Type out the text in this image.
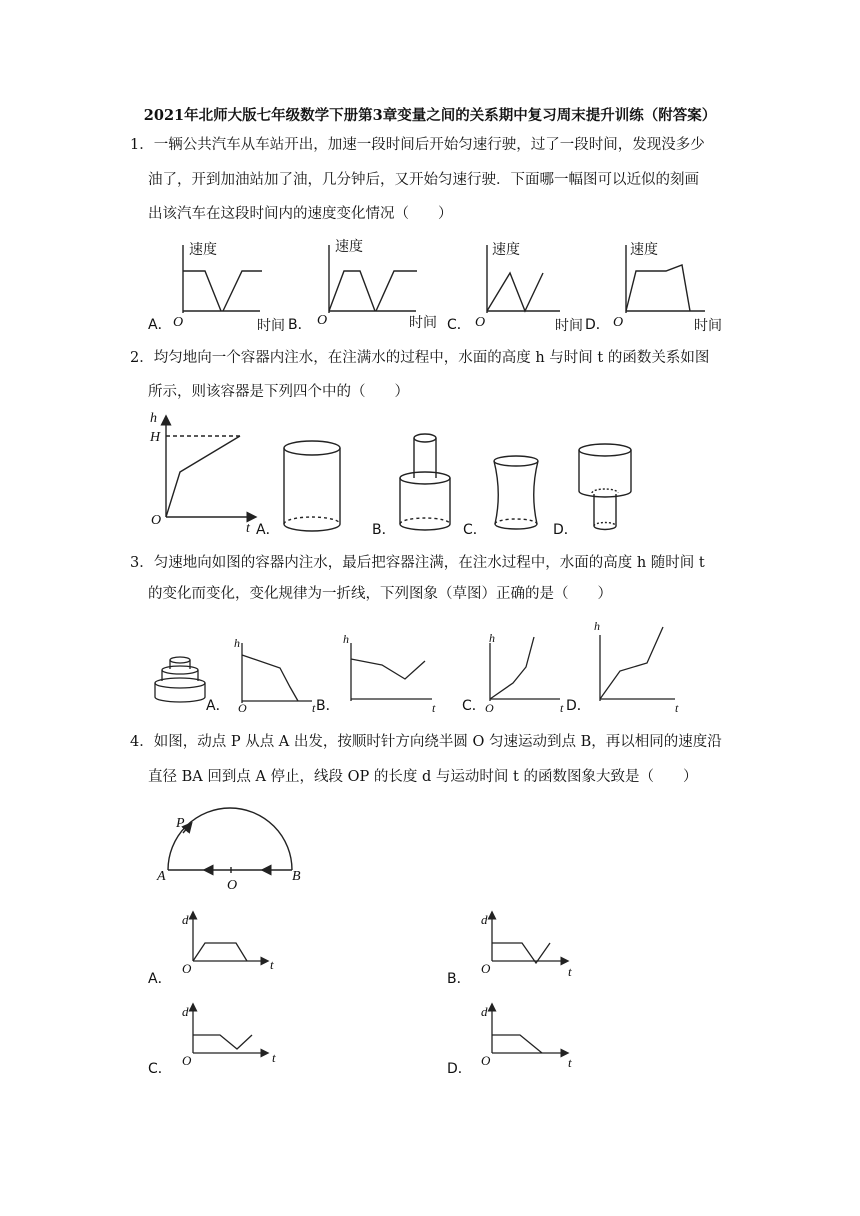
2021年北师大版七年级数学下册第3章变量之间的关系期中复习周末提升训练（附答案）
1．一辆公共汽车从车站开出，加速一段时间后开始匀速行驶，过了一段时间，发现没多少
油了，开到加油站加了油，几分钟后，又开始匀速行驶．下面哪一幅图可以近似的刻画
出该汽车在这段时间内的速度变化情况（　　）
速度	速度	速度	速度
时间	时间	时间	时间
O	O	O	O
A．	B．	C．	D．
2．均匀地向一个容器内注水，在注满水的过程中，水面的高度 h 与时间 t 的函数关系如图
所示，则该容器是下列四个中的（　　）
H
O
t
h
A．	B．	C．	D．
3．匀速地向如图的容器内注水，最后把容器注满，在注水过程中，水面的高度 h 随时间 t
的变化而变化，变化规律为一折线，下列图象（草图）正确的是（　　）
h	h	h
h
O	t	t	O	t	t
A．	B．	C．	D．
4．如图，动点 P 从点 A 出发，按顺时针方向绕半圆 O 匀速运动到点 B，再以相同的速度沿
直径 BA 回到点 A 停止，线段 OP 的长度 d 与运动时间 t 的函数图象大致是（　　）
P
A
O
B
d
O	t
d
O	t
d
O	t
d
O	t
A．	B．
C．	D．
